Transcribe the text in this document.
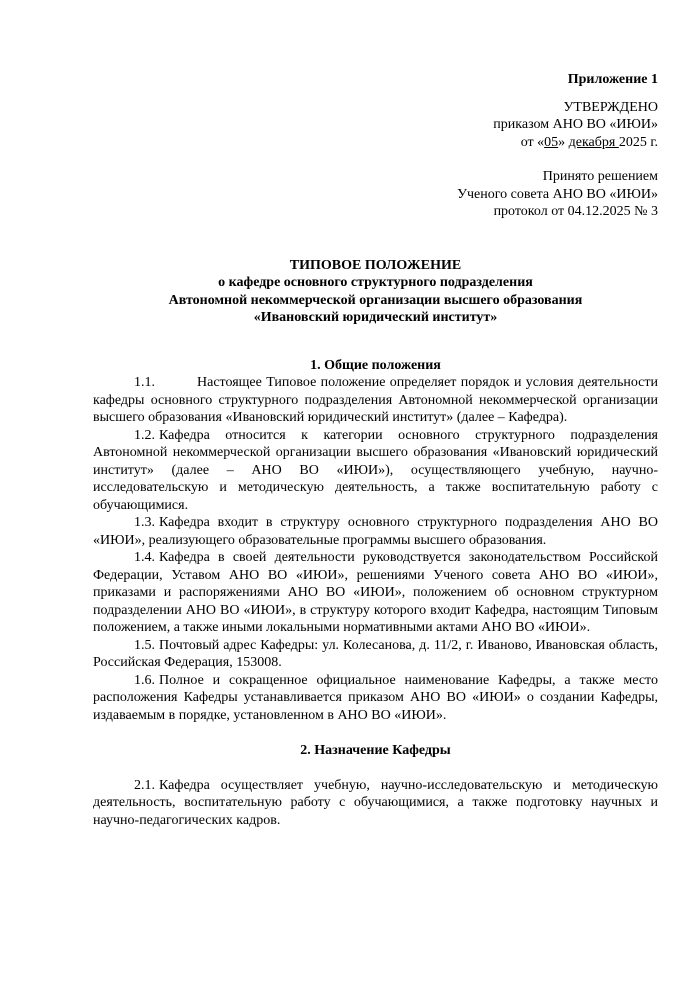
Приложение 1
УТВЕРЖДЕНО
приказом АНО ВО «ИЮИ»
от «05» декабря 2025 г.
Принято решением
Ученого совета АНО ВО «ИЮИ»
протокол от 04.12.2025 № 3
ТИПОВОЕ ПОЛОЖЕНИЕ
о кафедре основного структурного подразделения
Автономной некоммерческой организации высшего образования
«Ивановский юридический институт»
1. Общие положения

1.1.	Настоящее Типовое положение определяет порядок и условия деятельности кафедры основного структурного подразделения Автономной некоммерческой организации высшего образования «Ивановский юридический институт» (далее – Кафедра).

1.2. Кафедра относится к категории основного структурного подразделения Автономной некоммерческой организации высшего образования «Ивановский юридический институт» (далее – АНО ВО «ИЮИ»), осуществляющего учебную, научно-исследовательскую и методическую деятельность, а также воспитательную работу с обучающимися.

1.3. Кафедра входит в структуру основного структурного подразделения АНО ВО «ИЮИ», реализующего образовательные программы высшего образования.

1.4. Кафедра в своей деятельности руководствуется законодательством Российской Федерации, Уставом АНО ВО «ИЮИ», решениями Ученого совета АНО ВО «ИЮИ», приказами и распоряжениями АНО ВО «ИЮИ», положением об основном структурном подразделении АНО ВО «ИЮИ», в структуру которого входит Кафедра, настоящим Типовым положением, а также иными локальными нормативными актами АНО ВО «ИЮИ».

1.5. Почтовый адрес Кафедры: ул. Колесанова, д. 11/2, г. Иваново, Ивановская область, Российская Федерация, 153008.

1.6. Полное и сокращенное официальное наименование Кафедры, а также место расположения Кафедры устанавливается приказом АНО ВО «ИЮИ» о создании Кафедры, издаваемым в порядке, установленном в АНО ВО «ИЮИ».

2. Назначение Кафедры

2.1. Кафедра осуществляет учебную, научно-исследовательскую и методическую деятельность, воспитательную работу с обучающимися, а также подготовку научных и научно-педагогических кадров.
